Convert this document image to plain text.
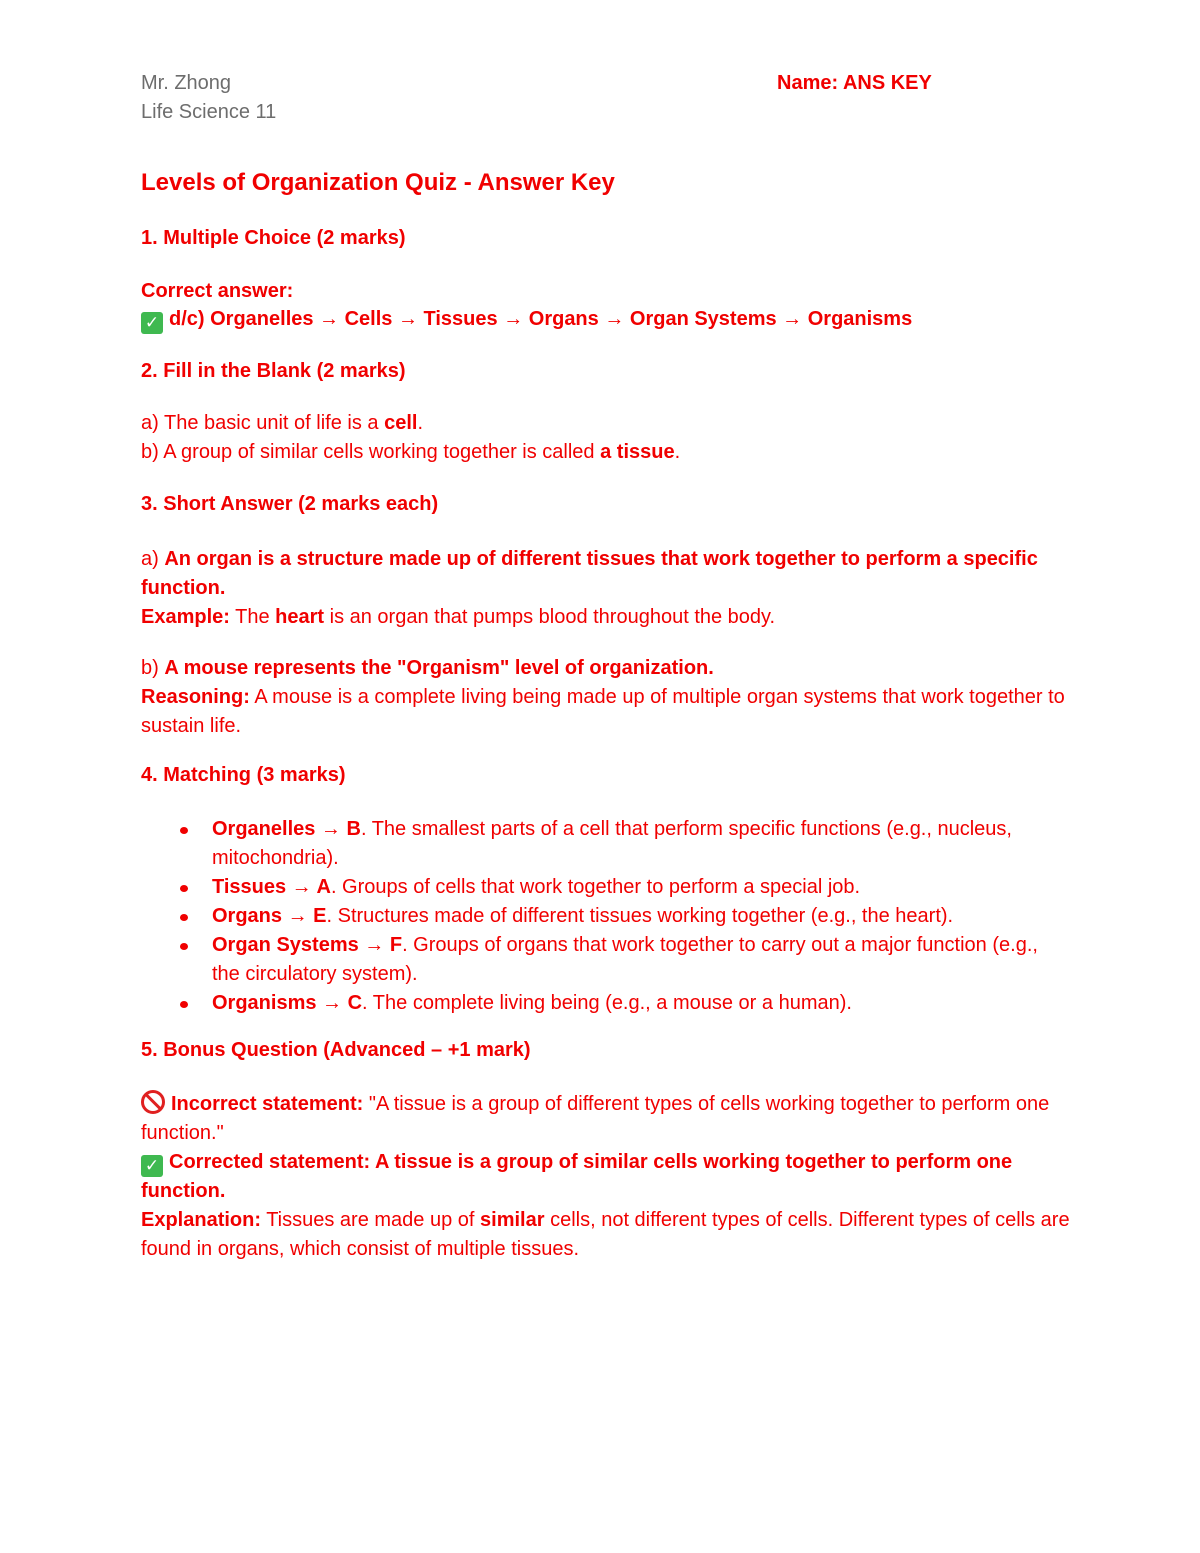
Mr. Zhong
Life Science 11
Name: ANS KEY
Levels of Organization Quiz - Answer Key
1. Multiple Choice (2 marks)
Correct answer:
✓ d/c) Organelles → Cells → Tissues → Organs → Organ Systems → Organisms
2. Fill in the Blank (2 marks)
a) The basic unit of life is a cell.
b) A group of similar cells working together is called a tissue.
3. Short Answer (2 marks each)
a) An organ is a structure made up of different tissues that work together to perform a specific function.
Example: The heart is an organ that pumps blood throughout the body.
b) A mouse represents the "Organism" level of organization.
Reasoning: A mouse is a complete living being made up of multiple organ systems that work together to sustain life.
4. Matching (3 marks)
Organelles → B. The smallest parts of a cell that perform specific functions (e.g., nucleus, mitochondria).
Tissues → A. Groups of cells that work together to perform a special job.
Organs → E. Structures made of different tissues working together (e.g., the heart).
Organ Systems → F. Groups of organs that work together to carry out a major function (e.g., the circulatory system).
Organisms → C. The complete living being (e.g., a mouse or a human).
5. Bonus Question (Advanced – +1 mark)
Incorrect statement: "A tissue is a group of different types of cells working together to perform one function."
✓ Corrected statement: A tissue is a group of similar cells working together to perform one function.
Explanation: Tissues are made up of similar cells, not different types of cells. Different types of cells are found in organs, which consist of multiple tissues.
